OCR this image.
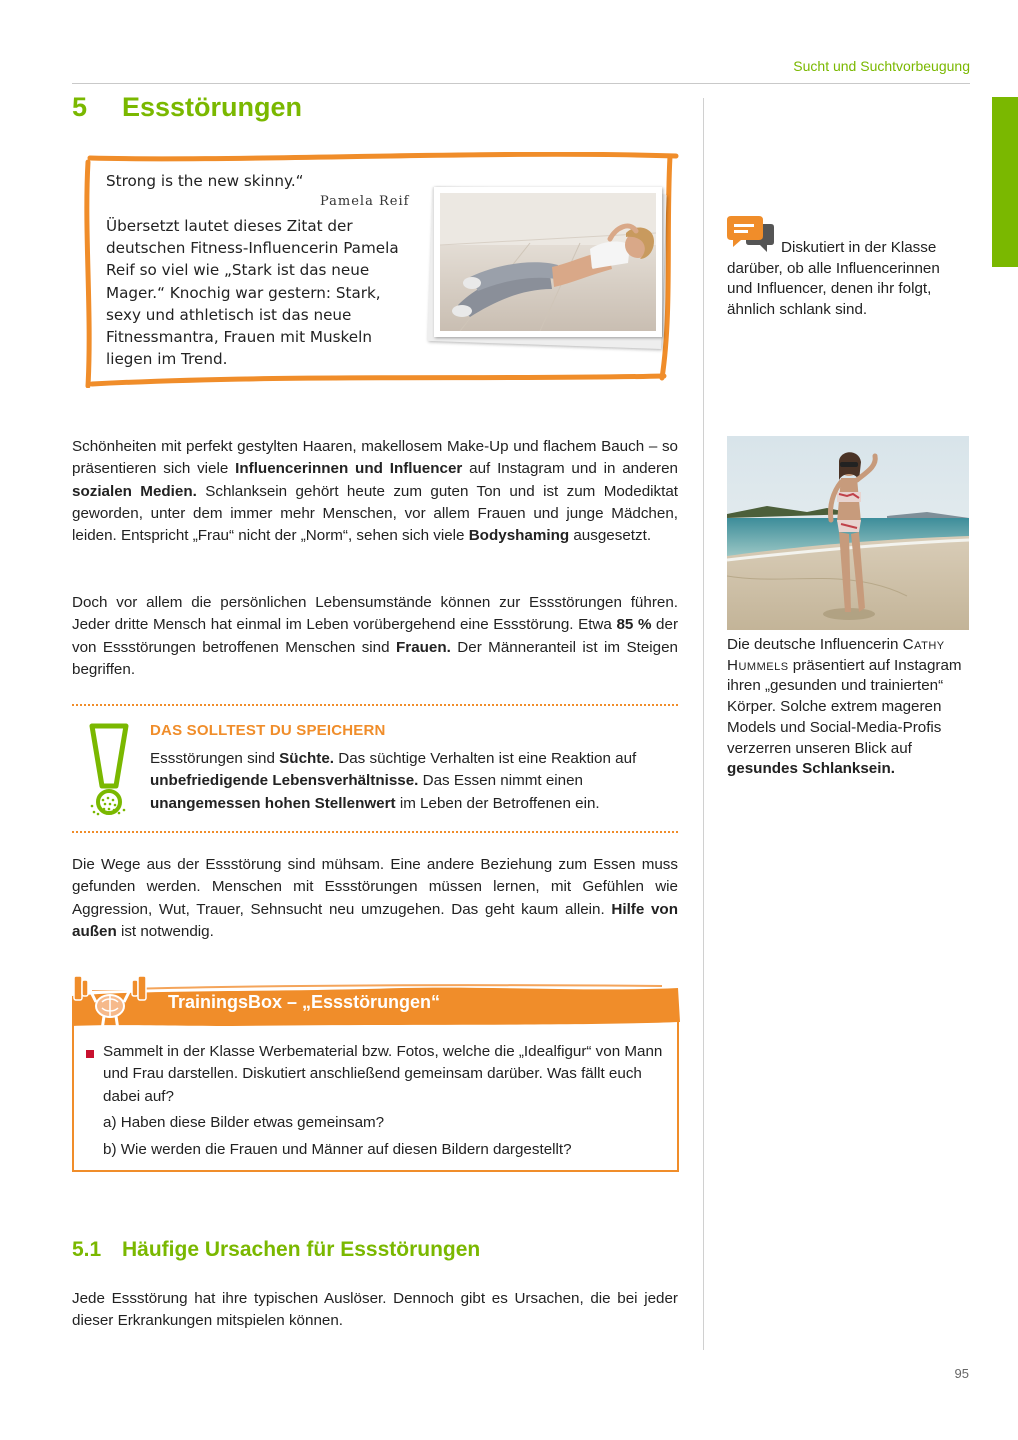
Sucht und Suchtvorbeugung
5 Essstörungen
Strong is the new skinny.“
Pamela Reif
Übersetzt lautet dieses Zitat der deutschen Fitness-Influencerin Pamela Reif so viel wie „Stark ist das neue Mager.“ Knochig war gestern: Stark, sexy und athletisch ist das neue Fitnessmantra, Frauen mit Muskeln liegen im Trend.

Schönheiten mit perfekt gestylten Haaren, makellosem Make-Up und flachem Bauch – so präsentieren sich viele Influencerinnen und Influencer auf Instagram und in anderen sozialen Medien. Schlanksein gehört heute zum guten Ton und ist zum Modediktat geworden, unter dem immer mehr Menschen, vor allem Frauen und junge Mädchen, leiden. Entspricht „Frau“ nicht der „Norm“, sehen sich viele Bodyshaming ausgesetzt.

Doch vor allem die persönlichen Lebensumstände können zur Essstörungen führen. Jeder dritte Mensch hat einmal im Leben vorübergehend eine Essstörung. Etwa 85 % der von Essstörungen betroffenen Menschen sind Frauen. Der Männeranteil ist im Steigen begriffen.

DAS SOLLTEST DU SPEICHERN

Essstörungen sind Süchte. Das süchtige Verhalten ist eine Reaktion auf unbefriedigende Lebensverhältnisse. Das Essen nimmt einen unangemessen hohen Stellenwert im Leben der Betroffenen ein.

Die Wege aus der Essstörung sind mühsam. Eine andere Beziehung zum Essen muss gefunden werden. Menschen mit Essstörungen müssen lernen, mit Gefühlen wie Aggression, Wut, Trauer, Sehnsucht neu umzugehen. Das geht kaum allein. Hilfe von außen ist notwendig.

TrainingsBox – „Essstörungen“

Sammelt in der Klasse Werbematerial bzw. Fotos, welche die „Idealfigur“ von Mann und Frau darstellen. Diskutiert anschließend gemeinsam darüber. Was fällt euch dabei auf?

a) Haben diese Bilder etwas gemeinsam?
b) Wie werden die Frauen und Männer auf diesen Bildern dargestellt?
5.1 Häufige Ursachen für Essstörungen

Jede Essstörung hat ihre typischen Auslöser. Dennoch gibt es Ursachen, die bei jeder dieser Erkrankungen mitspielen können.

Diskutiert in der Klasse darüber, ob alle Influencerinnen und Influencer, denen ihr folgt, ähnlich schlank sind.

Die deutsche Influencerin Cathy Hummels präsentiert auf Instagram ihren „gesunden und trainierten“ Körper. Solche extrem mageren Models und Social-Media-Profis verzerren unseren Blick auf gesundes Schlanksein.

95
